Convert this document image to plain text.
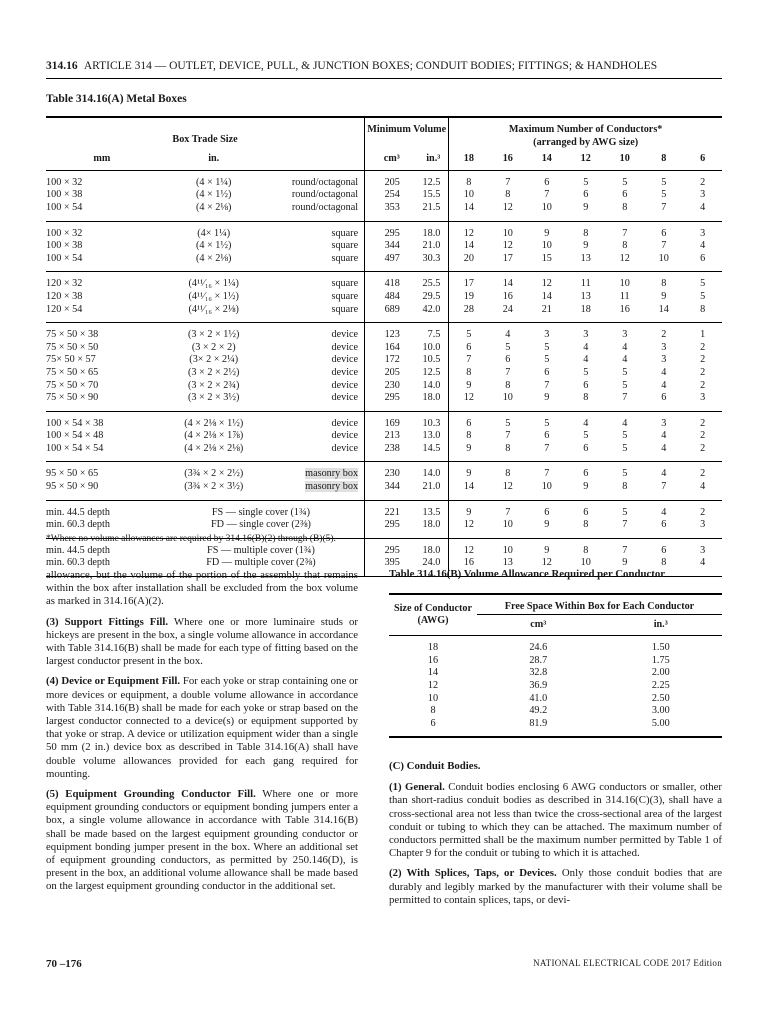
314.16 ARTICLE 314 — OUTLET, DEVICE, PULL, & JUNCTION BOXES; CONDUIT BODIES; FITTINGS; & HANDHOLES
Table 314.16(A) Metal Boxes
Box Trade Size			Minimum Volume		Maximum Number of Conductors*						
					(arranged by AWG size)						
mm	in.		cm³	in.³	18	16	14	12	10	8	6
100 × 32	(4 × 1¼)	round/octagonal	205	12.5	8	7	6	5	5	5	2
100 × 38	(4 × 1½)	round/octagonal	254	15.5	10	8	7	6	6	5	3
100 × 54	(4 × 2⅛)	round/octagonal	353	21.5	14	12	10	9	8	7	4
100 × 32	(4× 1¼)	square	295	18.0	12	10	9	8	7	6	3
100 × 38	(4 × 1½)	square	344	21.0	14	12	10	9	8	7	4
100 × 54	(4 × 2⅛)	square	497	30.3	20	17	15	13	12	10	6
120 × 32	(4¹¹⁄₁₆ × 1¼)	square	418	25.5	17	14	12	11	10	8	5
120 × 38	(4¹¹⁄₁₆ × 1½)	square	484	29.5	19	16	14	13	11	9	5
120 × 54	(4¹¹⁄₁₆ × 2⅛)	square	689	42.0	28	24	21	18	16	14	8
75 × 50 × 38	(3 × 2 × 1½)	device	123	7.5	5	4	3	3	3	2	1
75 × 50 × 50	(3 × 2 × 2)	device	164	10.0	6	5	5	4	4	3	2
75× 50 × 57	(3× 2 × 2¼)	device	172	10.5	7	6	5	4	4	3	2
75 × 50 × 65	(3 × 2 × 2½)	device	205	12.5	8	7	6	5	5	4	2
75 × 50 × 70	(3 × 2 × 2¾)	device	230	14.0	9	8	7	6	5	4	2
75 × 50 × 90	(3 × 2 × 3½)	device	295	18.0	12	10	9	8	7	6	3
100 × 54 × 38	(4 × 2⅛ × 1½)	device	169	10.3	6	5	5	4	4	3	2
100 × 54 × 48	(4 × 2⅛ × 1⅞)	device	213	13.0	8	7	6	5	5	4	2
100 × 54 × 54	(4 × 2⅛ × 2⅛)	device	238	14.5	9	8	7	6	5	4	2
95 × 50 × 65	(3¾ × 2 × 2½)	masonry box	230	14.0	9	8	7	6	5	4	2
95 × 50 × 90	(3¾ × 2 × 3½)	masonry box	344	21.0	14	12	10	9	8	7	4
min. 44.5 depth	FS — single cover (1¾)		221	13.5	9	7	6	6	5	4	2
min. 60.3 depth	FD — single cover (2⅜)		295	18.0	12	10	9	8	7	6	3
min. 44.5 depth	FS — multiple cover (1¾)		295	18.0	12	10	9	8	7	6	3
min. 60.3 depth	FD — multiple cover (2⅜)		395	24.0	16	13	12	10	9	8	4
*Where no volume allowances are required by 314.16(B)(2) through (B)(5).

allowance, but the volume of the portion of the assembly that remains within the box after installation shall be excluded from the box volume as marked in 314.16(A)(2).

(3) Support Fittings Fill. Where one or more luminaire studs or hickeys are present in the box, a single volume allowance in accordance with Table 314.16(B) shall be made for each type of fitting based on the largest conductor present in the box.

(4) Device or Equipment Fill. For each yoke or strap containing one or more devices or equipment, a double volume allowance in accordance with Table 314.16(B) shall be made for each yoke or strap based on the largest conductor connected to a device(s) or equipment supported by that yoke or strap. A device or utilization equipment wider than a single 50 mm (2 in.) device box as described in Table 314.16(A) shall have double volume allowances provided for each gang required for mounting.

(5) Equipment Grounding Conductor Fill. Where one or more equipment grounding conductors or equipment bonding jumpers enter a box, a single volume allowance in accordance with Table 314.16(B) shall be made based on the largest equipment grounding conductor or equipment bonding jumper present in the box. Where an additional set of equipment grounding conductors, as permitted by 250.146(D), is present in the box, an additional volume allowance shall be made based on the largest equipment grounding conductor in the additional set.

Table 314.16(B) Volume Allowance Required per Conductor
Size of Conductor (AWG)	Free Space Within Box for Each Conductor	
	cm³	in.³
18	24.6	1.50
16	28.7	1.75
14	32.8	2.00
12	36.9	2.25
10	41.0	2.50
8	49.2	3.00
6	81.9	5.00

(C) Conduit Bodies.

(1) General. Conduit bodies enclosing 6 AWG conductors or smaller, other than short-radius conduit bodies as described in 314.16(C)(3), shall have a cross-sectional area not less than twice the cross-sectional area of the largest conduit or tubing to which they can be attached. The maximum number of conductors permitted shall be the maximum number permitted by Table 1 of Chapter 9 for the conduit or tubing to which it is attached.

(2) With Splices, Taps, or Devices. Only those conduit bodies that are durably and legibly marked by the manufacturer with their volume shall be permitted to contain splices, taps, or devi-

70 –176	NATIONAL ELECTRICAL CODE 2017 Edition
